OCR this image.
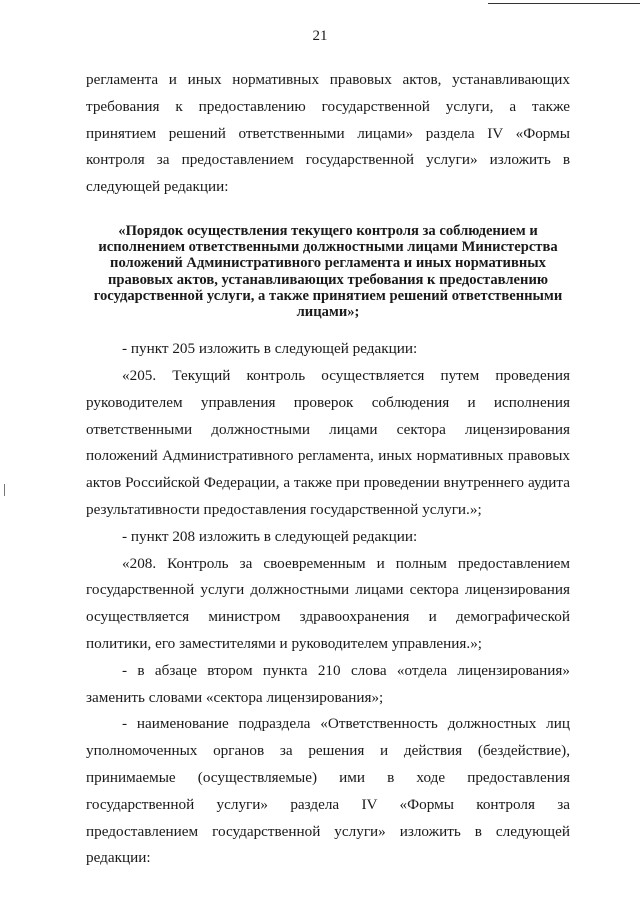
21

регламента и иных нормативных правовых актов, устанавливающих требования к предоставлению государственной услуги, а также принятием решений ответственными лицами» раздела IV «Формы контроля за предоставлением государственной услуги» изложить в следующей редакции:

«Порядок осуществления текущего контроля за соблюдением и исполнением ответственными должностными лицами Министерства положений Административного регламента и иных нормативных правовых актов, устанавливающих требования к предоставлению государственной услуги, а также принятием решений ответственными лицами»;

- пункт 205 изложить в следующей редакции:

«205. Текущий контроль осуществляется путем проведения руководителем управления проверок соблюдения и исполнения ответственными должностными лицами сектора лицензирования положений Административного регламента, иных нормативных правовых актов Российской Федерации, а также при проведении внутреннего аудита результативности предоставления государственной услуги.»;

- пункт 208 изложить в следующей редакции:

«208. Контроль за своевременным и полным предоставлением государственной услуги должностными лицами сектора лицензирования осуществляется министром здравоохранения и демографической политики, его заместителями и руководителем управления.»;

- в абзаце втором пункта 210 слова «отдела лицензирования» заменить словами «сектора лицензирования»;

- наименование подраздела «Ответственность должностных лиц уполномоченных органов за решения и действия (бездействие), принимаемые (осуществляемые) ими в ходе предоставления государственной услуги» раздела IV «Формы контроля за предоставлением государственной услуги» изложить в следующей редакции:
